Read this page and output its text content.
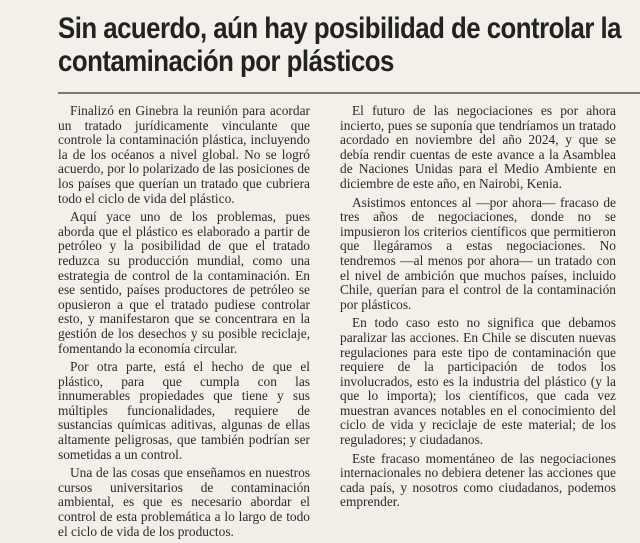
Sin acuerdo, aún hay posibilidad de controlar la
contaminación por plásticos

Finalizó en Ginebra la reunión para acordar un tratado jurídicamente vinculante que controle la contaminación plástica, incluyendo la de los océanos a nivel global. No se logró acuerdo, por lo polarizado de las posiciones de los países que querían un tratado que cubriera todo el ciclo de vida del plástico.

Aquí yace uno de los problemas, pues aborda que el plástico es elaborado a partir de petróleo y la posibilidad de que el tratado reduzca su producción mundial, como una estrategia de control de la contaminación. En ese sentido, países productores de petróleo se opusieron a que el tratado pudiese controlar esto, y manifestaron que se concentrara en la gestión de los desechos y su posible reciclaje, fomentando la economía circular.

Por otra parte, está el hecho de que el plástico, para que cumpla con las innumerables propiedades que tiene y sus múltiples funcionalidades, requiere de sustancias químicas aditivas, algunas de ellas altamente peligrosas, que también podrían ser sometidas a un control.

Una de las cosas que enseñamos en nuestros cursos universitarios de contaminación ambiental, es que es necesario abordar el control de esta problemática a lo largo de todo el ciclo de vida de los productos.

El futuro de las negociaciones es por ahora incierto, pues se suponía que tendríamos un tratado acordado en noviembre del año 2024, y que se debía rendir cuentas de este avance a la Asamblea de Naciones Unidas para el Medio Ambiente en diciembre de este año, en Nairobi, Kenia.

Asistimos entonces al —por ahora— fracaso de tres años de negociaciones, donde no se impusieron los criterios científicos que permitieron que llegáramos a estas negociaciones. No tendremos —al menos por ahora— un tratado con el nivel de ambición que muchos países, incluido Chile, querían para el control de la contaminación por plásticos.

En todo caso esto no significa que debamos paralizar las acciones. En Chile se discuten nuevas regulaciones para este tipo de contaminación que requiere de la participación de todos los involucrados, esto es la industria del plástico (y la que lo importa); los científicos, que cada vez muestran avances notables en el conocimiento del ciclo de vida y reciclaje de este material; de los reguladores; y ciudadanos.

Este fracaso momentáneo de las negociaciones internacionales no debiera detener las acciones que cada país, y nosotros como ciudadanos, podemos emprender.
